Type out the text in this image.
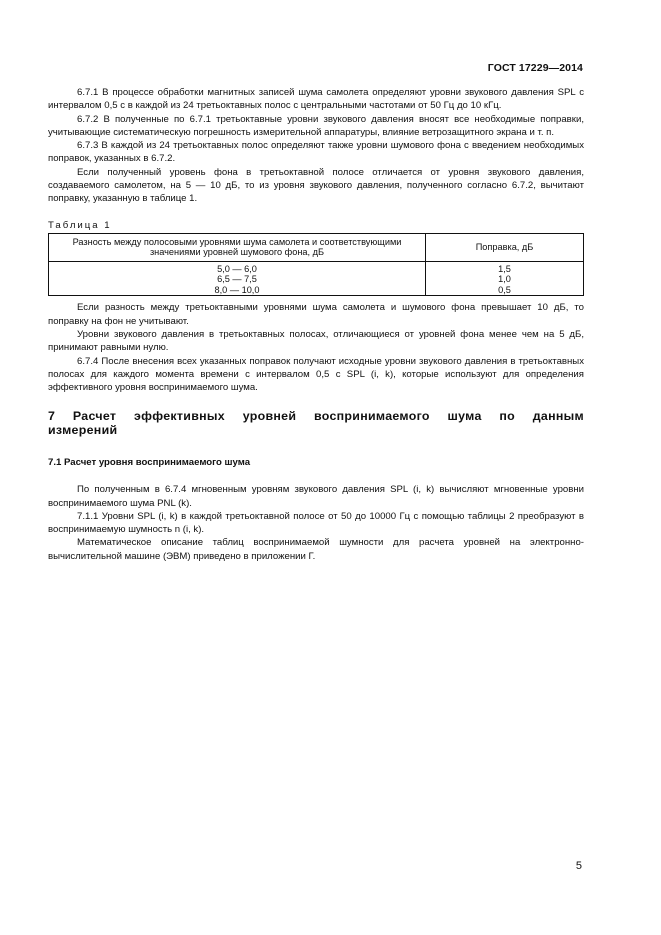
ГОСТ 17229—2014

6.7.1 В процессе обработки магнитных записей шума самолета определяют уровни звукового давления SPL с интервалом 0,5 с в каждой из 24 третьоктавных полос с центральными частотами от 50 Гц до 10 кГц.

6.7.2 В полученные по 6.7.1 третьоктавные уровни звукового давления вносят все необходимые поправки, учитывающие систематическую погрешность измерительной аппаратуры, влияние ветрозащитного экрана и т. п.

6.7.3 В каждой из 24 третьоктавных полос определяют также уровни шумового фона с введением необходимых поправок, указанных в 6.7.2.

Если полученный уровень фона в третьоктавной полосе отличается от уровня звукового давления, создаваемого самолетом, на 5 — 10 дБ, то из уровня звукового давления, полученного согласно 6.7.2, вычитают поправку, указанную в таблице 1.

Таблица 1
Разность между полосовыми уровнями шума самолета и соответствующими значениями уровней шумового фона, дБ	Поправка, дБ
5,0 — 6,0	1,5
6,5 — 7,5	1,0
8,0 — 10,0	0,5

Если разность между третьоктавными уровнями шума самолета и шумового фона превышает 10 дБ, то поправку на фон не учитывают.

Уровни звукового давления в третьоктавных полосах, отличающиеся от уровней фона менее чем на 5 дБ, принимают равными нулю.

6.7.4 После внесения всех указанных поправок получают исходные уровни звукового давления в третьоктавных полосах для каждого момента времени с интервалом 0,5 с SPL (i, k), которые используют для определения эффективного уровня воспринимаемого шума.

7 Расчет эффективных уровней воспринимаемого шума по данным измерений
7.1 Расчет уровня воспринимаемого шума

По полученным в 6.7.4 мгновенным уровням звукового давления SPL (i, k) вычисляют мгновенные уровни воспринимаемого шума PNL (k).

7.1.1 Уровни SPL (i, k) в каждой третьоктавной полосе от 50 до 10000 Гц с помощью таблицы 2 преобразуют в воспринимаемую шумность n (i, k).

Математическое описание таблиц воспринимаемой шумности для расчета уровней на электронно-вычислительной машине (ЭВМ) приведено в приложении Г.

5
